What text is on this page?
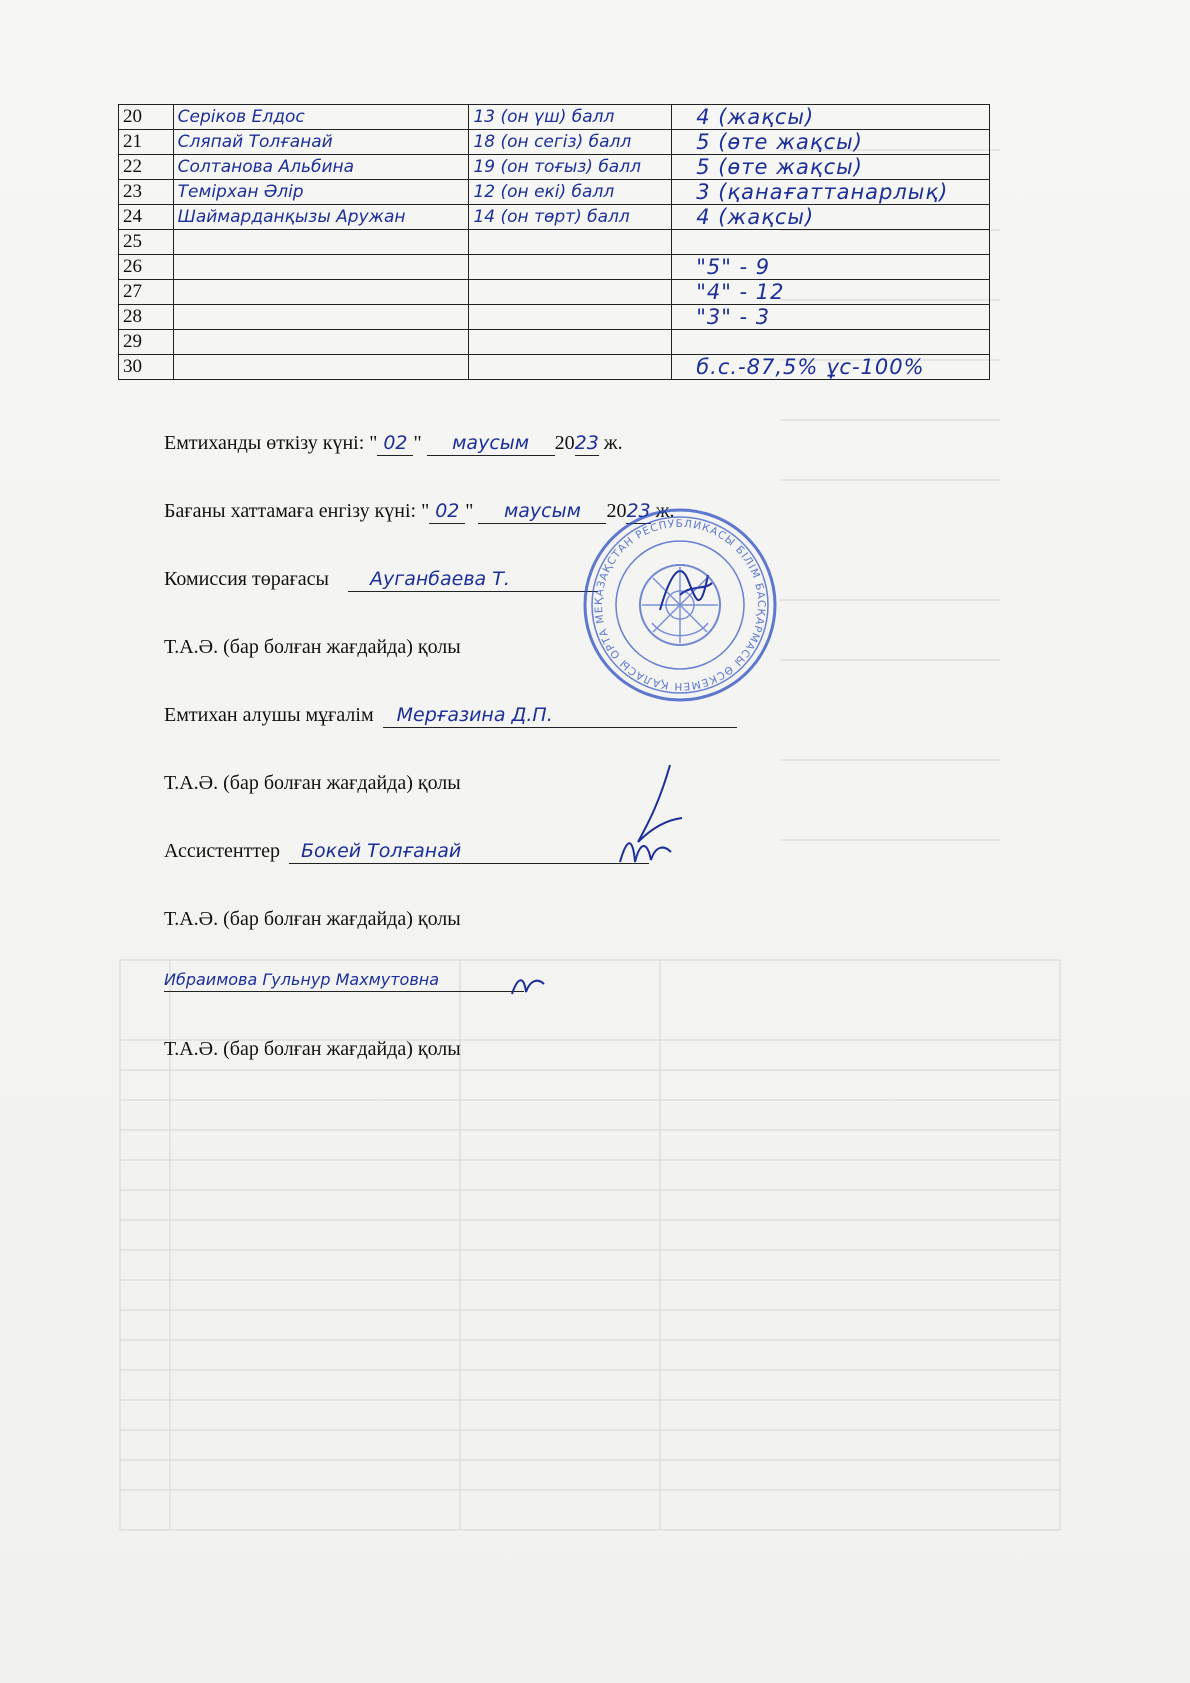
20	Серіков Елдос	13 (он үш) балл	4 (жақсы)

21	Сляпай Толғанай	18 (он сегіз) балл	5 (өте жақсы)

22	Солтанова Альбина	19 (он тоғыз) балл	5 (өте жақсы)

23	Темірхан Әлір	12 (он екі) балл	3 (қанағаттанарлық)

24	Шаймарданқызы Аружан	14 (он төрт) балл	4 (жақсы)

25	

26			"5" - 9

27			"4" - 12

28			"3" - 3

29	

30			б.с.-87,5% ұс-100%
Емтиханды өткізу күні: " 02 " маусым 2023 ж.
Бағаны хаттамаға енгізу күні: " 02 " маусым 2023 ж.
Комиссия төрағасы Ауганбаева Т.
Т.А.Ә. (бар болған жағдайда) қолы
Емтихан алушы мұғалім Мерғазина Д.П.
Т.А.Ә. (бар болған жағдайда) қолы
Ассистенттер Бокей Толғанай
Т.А.Ә. (бар болған жағдайда) қолы
Ибраимова Гульнур Махмутовна
Т.А.Ә. (бар болған жағдайда) қолы
ҚАЗАҚСТАН РЕСПУБЛИКАСЫ БІЛІМ БАСҚАРМАСЫ ӨСКЕМЕН ҚАЛАСЫ ОРТА МЕ
